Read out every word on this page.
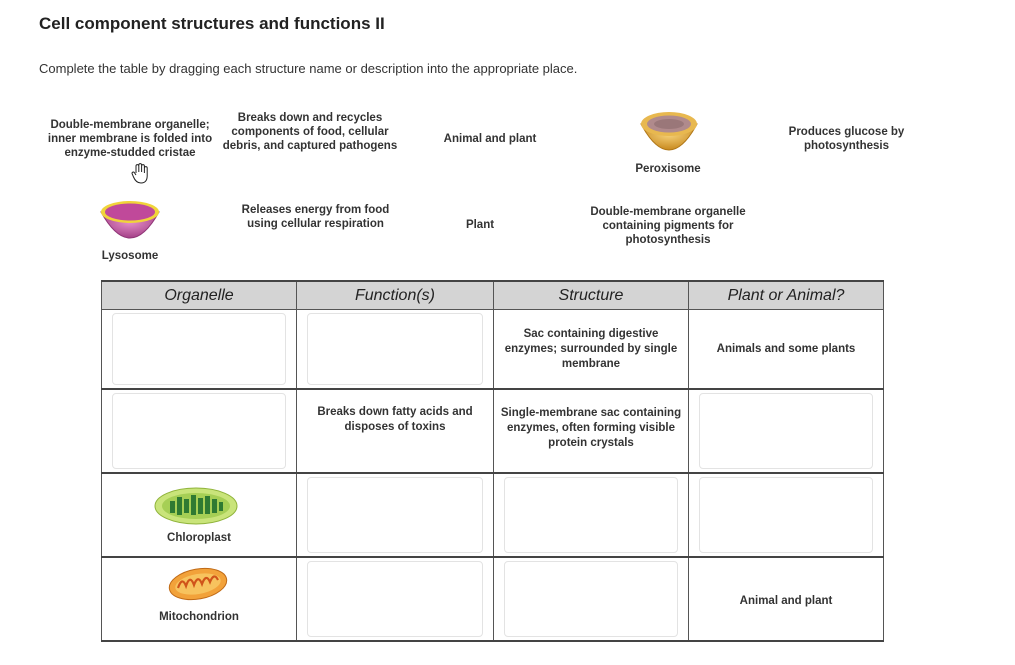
Cell component structures and functions II
Complete the table by dragging each structure name or description into the appropriate place.
Double-membrane organelle; inner membrane is folded into enzyme-studded cristae
Breaks down and recycles components of food, cellular debris, and captured pathogens
Animal and plant
Peroxisome
Produces glucose by photosynthesis
Lysosome
Releases energy from food using cellular respiration	Plant
Double-membrane organelle containing pigments for photosynthesis
Organelle	Function(s)	Structure	Plant or Animal?

		Sac containing digestive enzymes; surrounded by single membrane	Animals and some plants

	Breaks down fatty acids and disposes of toxins	Single-membrane sac containing enzymes, often forming visible protein crystals	

Chloroplast			

Mitochondrion			Animal and plant
